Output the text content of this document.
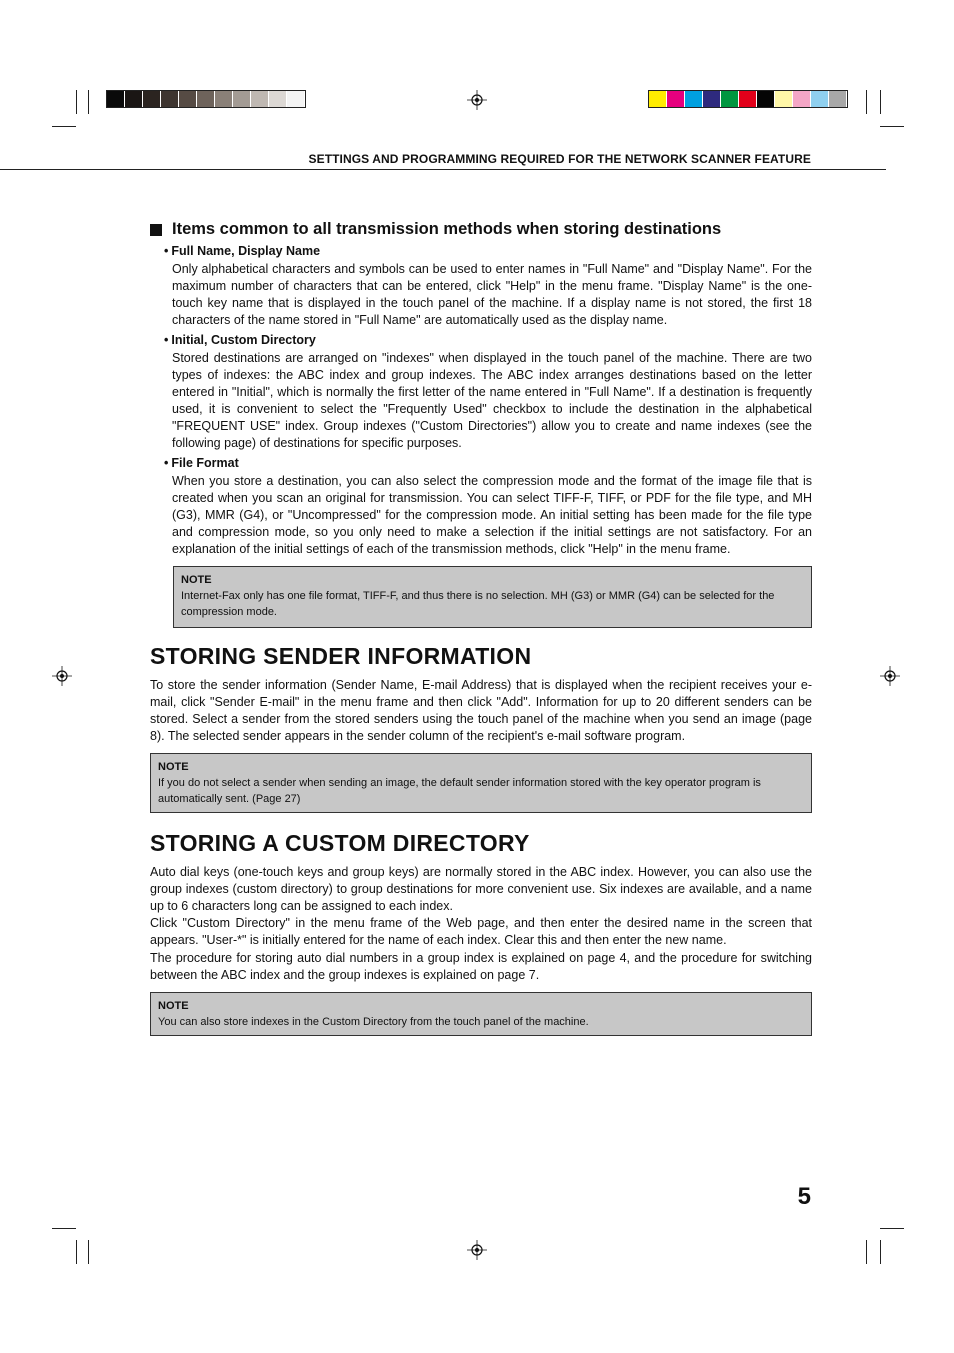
SETTINGS AND PROGRAMMING REQUIRED FOR THE NETWORK SCANNER FEATURE
Items common to all transmission methods when storing destinations
• Full Name, Display Name

Only alphabetical characters and symbols can be used to enter names in "Full Name" and "Display Name". For the maximum number of characters that can be entered, click "Help" in the menu frame. "Display Name" is the one-touch key name that is displayed in the touch panel of the machine. If a display name is not stored, the first 18 characters of the name stored in "Full Name" are automatically used as the display name.

• Initial, Custom Directory

Stored destinations are arranged on "indexes" when displayed in the touch panel of the machine. There are two types of indexes: the ABC index and group indexes. The ABC index arranges destinations based on the letter entered in "Initial", which is normally the first letter of the name entered in "Full Name". If a destination is frequently used, it is convenient to select the "Frequently Used" checkbox to include the destination in the alphabetical "FREQUENT USE" index. Group indexes ("Custom Directories") allow you to create and name indexes (see the following page) of destinations for specific purposes.

• File Format

When you store a destination, you can also select the compression mode and the format of the image file that is created when you scan an original for transmission. You can select TIFF-F, TIFF, or PDF for the file type, and MH (G3), MMR (G4), or "Uncompressed" for the compression mode. An initial setting has been made for the file type and compression mode, so you only need to make a selection if the initial settings are not satisfactory. For an explanation of the initial settings of each of the transmission methods, click "Help" in the menu frame.

NOTE
Internet-Fax only has one file format, TIFF-F, and thus there is no selection. MH (G3) or MMR (G4) can be selected for the compression mode.
STORING SENDER INFORMATION

To store the sender information (Sender Name, E-mail Address) that is displayed when the recipient receives your e-mail, click "Sender E-mail" in the menu frame and then click "Add". Information for up to 20 different senders can be stored. Select a sender from the stored senders using the touch panel of the machine when you send an image (page 8). The selected sender appears in the sender column of the recipient's e-mail software program.

NOTE
If you do not select a sender when sending an image, the default sender information stored with the key operator program is automatically sent. (Page 27)
STORING A CUSTOM DIRECTORY

Auto dial keys (one-touch keys and group keys) are normally stored in the ABC index. However, you can also use the group indexes (custom directory) to group destinations for more convenient use. Six indexes are available, and a name up to 6 characters long can be assigned to each index.

Click "Custom Directory" in the menu frame of the Web page, and then enter the desired name in the screen that appears. "User-*" is initially entered for the name of each index. Clear this and then enter the new name.

The procedure for storing auto dial numbers in a group index is explained on page 4, and the procedure for switching between the ABC index and the group indexes is explained on page 7.

NOTE
You can also store indexes in the Custom Directory from the touch panel of the machine.
5
